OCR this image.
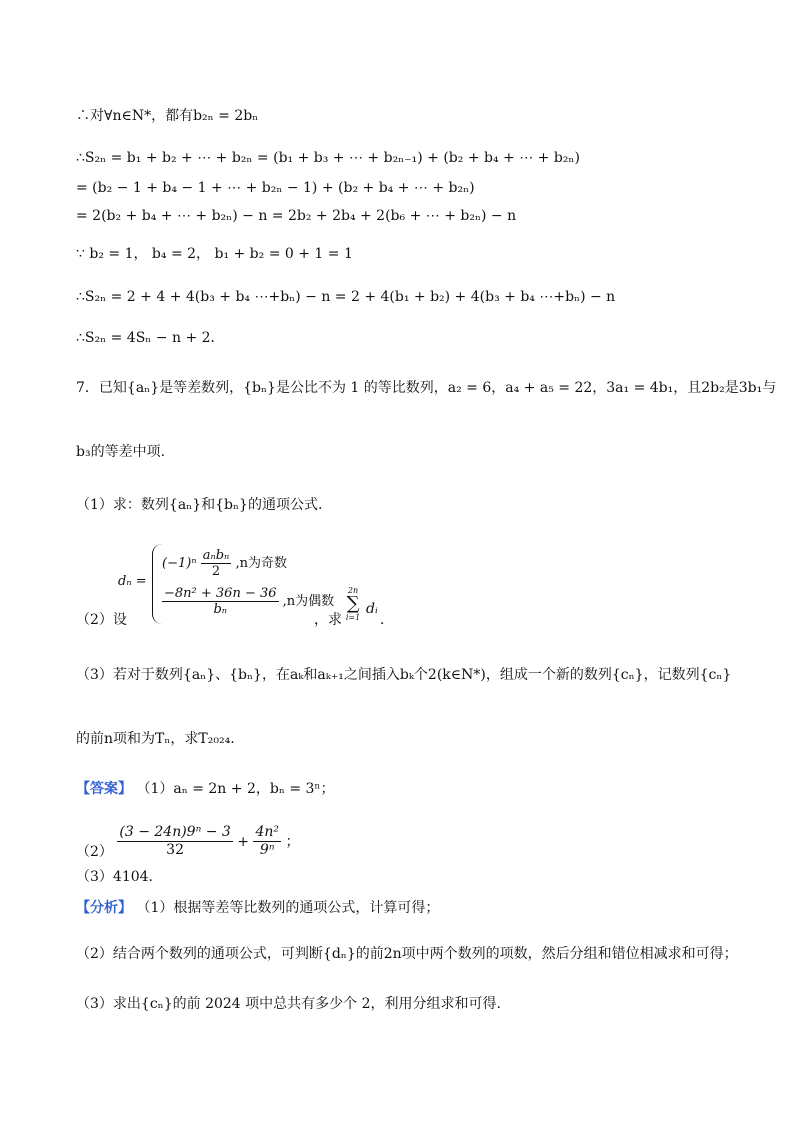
∴对∀n∈N*，都有b₂ₙ = 2bₙ
∴S₂ₙ = b₁ + b₂ + ⋯ + b₂ₙ = (b₁ + b₃ + ⋯ + b₂ₙ₋₁) + (b₂ + b₄ + ⋯ + b₂ₙ)
= (b₂ − 1 + b₄ − 1 + ⋯ + b₂ₙ − 1) + (b₂ + b₄ + ⋯ + b₂ₙ)
= 2(b₂ + b₄ + ⋯ + b₂ₙ) − n = 2b₂ + 2b₄ + 2(b₆ + ⋯ + b₂ₙ) − n
∵ b₂ = 1， b₄ = 2， b₁ + b₂ = 0 + 1 = 1
∴S₂ₙ = 2 + 4 + 4(b₃ + b₄ ⋯+bₙ) − n = 2 + 4(b₁ + b₂) + 4(b₃ + b₄ ⋯+bₙ) − n
∴S₂ₙ = 4Sₙ − n + 2．
7．已知{aₙ}是等差数列，{bₙ}是公比不为 1 的等比数列，a₂ = 6，a₄ + a₅ = 22，3a₁ = 4b₁，且2b₂是3b₁与
b₃的等差中项.
（1）求：数列{aₙ}和{bₙ}的通项公式.
（2）设
dₙ =
$(-1)^n \frac{\text{aₙbₙ}}{2} ,n$为奇数
$\frac{\text{−8n² + 36n − 36}}{\text{bₙ}} ,n$为偶数
，求
2n
∑
i=1
dᵢ
．
（3）若对于数列{aₙ}、{bₙ}，在aₖ和aₖ₊₁之间插入bₖ个2(k∈N*)，组成一个新的数列{cₙ}，记数列{cₙ}
的前n项和为Tₙ，求T₂₀₂₄.
【答案】 （1）aₙ = 2n + 2，bₙ = 3ⁿ；
$(2) \frac{\text{(3 − 24n)9ⁿ − 3}}{32} + \frac{\text{4n²}}{\text{9ⁿ}}$ ；
（3）4104.
【分析】 （1）根据等差等比数列的通项公式，计算可得；
（2）结合两个数列的通项公式，可判断{dₙ}的前2n项中两个数列的项数，然后分组和错位相减求和可得；
（3）求出{cₙ}的前 2024 项中总共有多少个 2，利用分组求和可得.
